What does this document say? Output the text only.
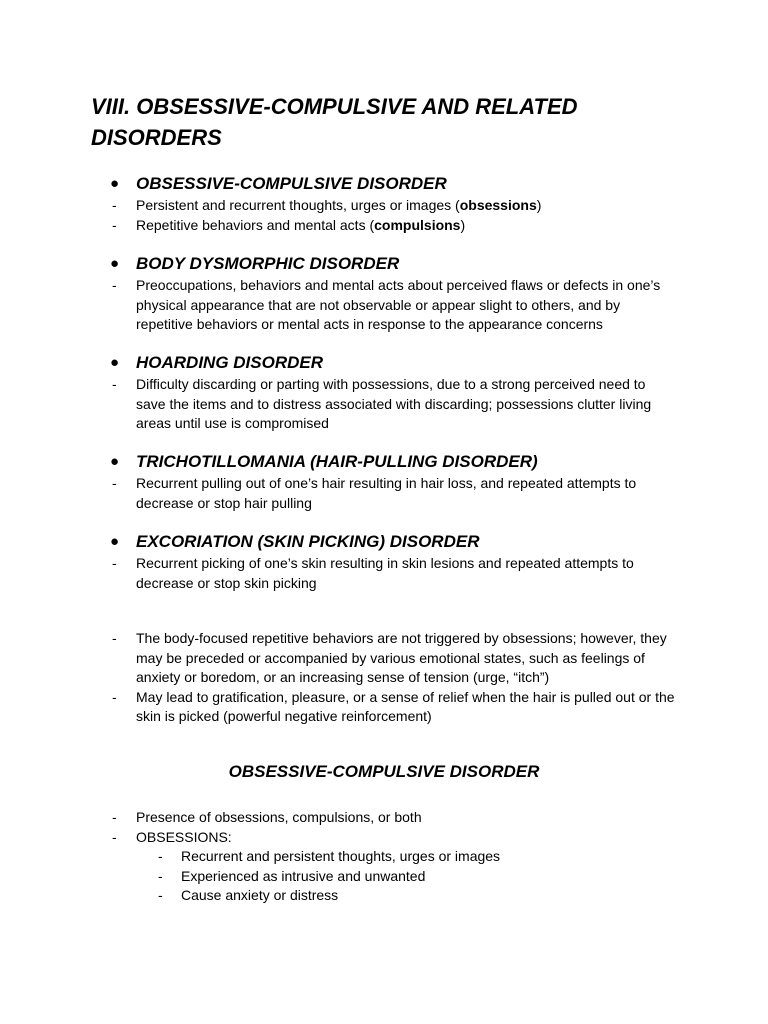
VIII. OBSESSIVE-COMPULSIVE AND RELATED DISORDERS
● OBSESSIVE-COMPULSIVE DISORDER
- Persistent and recurrent thoughts, urges or images (obsessions)
- Repetitive behaviors and mental acts (compulsions)
● BODY DYSMORPHIC DISORDER
- Preoccupations, behaviors and mental acts about perceived flaws or defects in one’s physical appearance that are not observable or appear slight to others, and by repetitive behaviors or mental acts in response to the appearance concerns
● HOARDING DISORDER
- Difficulty discarding or parting with possessions, due to a strong perceived need to save the items and to distress associated with discarding; possessions clutter living areas until use is compromised
● TRICHOTILLOMANIA (HAIR-PULLING DISORDER)
- Recurrent pulling out of one’s hair resulting in hair loss, and repeated attempts to decrease or stop hair pulling
● EXCORIATION (SKIN PICKING) DISORDER
- Recurrent picking of one’s skin resulting in skin lesions and repeated attempts to decrease or stop skin picking
- The body-focused repetitive behaviors are not triggered by obsessions; however, they may be preceded or accompanied by various emotional states, such as feelings of anxiety or boredom, or an increasing sense of tension (urge, “itch”)
- May lead to gratification, pleasure, or a sense of relief when the hair is pulled out or the skin is picked (powerful negative reinforcement)
OBSESSIVE-COMPULSIVE DISORDER
- Presence of obsessions, compulsions, or both
- OBSESSIONS:
- Recurrent and persistent thoughts, urges or images
- Experienced as intrusive and unwanted
- Cause anxiety or distress
